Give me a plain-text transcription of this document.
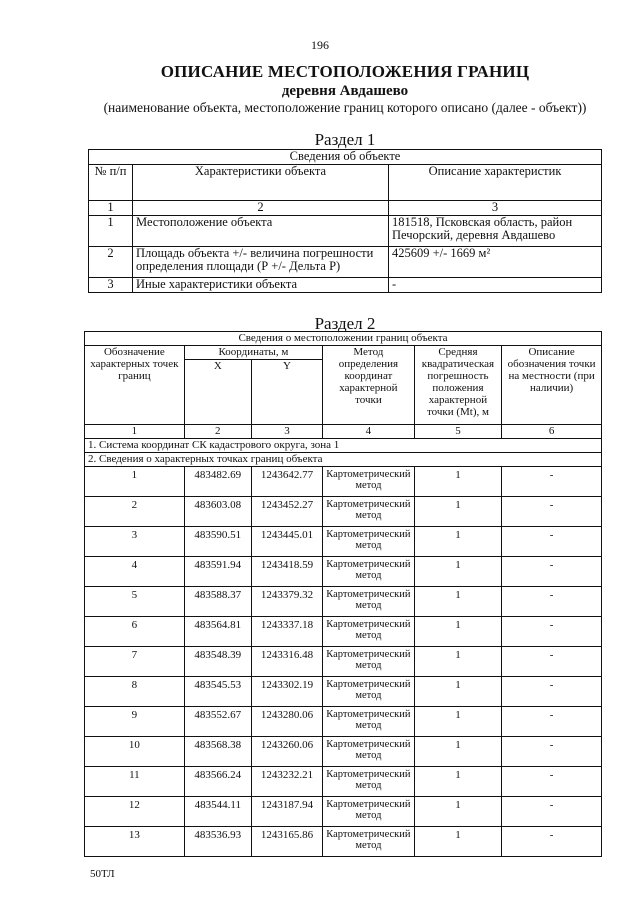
196
ОПИСАНИЕ МЕСТОПОЛОЖЕНИЯ ГРАНИЦ
деревня Авдашево
(наименование объекта, местоположение границ которого описано (далее - объект))
Раздел 1
Сведения об объекте		
№ п/п	Характеристики объекта	Описание характеристик
1	2	3
1	Местоположение объекта	181518, Псковская область, район Печорский, деревня Авдашево
2	Площадь объекта +/- величина погрешности определения площади (Р +/- Дельта Р)	425609 +/- 1669 м²
3	Иные характеристики объекта	-
Раздел 2
Сведения о местоположении границ объекта					
Обозначение характерных точек границ	Координаты, м		Метод определения координат характерной точки	Средняя квадратическая погрешность положения характерной точки (Mt), м	Описание обозначения точки на местности (при наличии)
	X	Y			
1	2	3	4	5	6
1. Система координат СК кадастрового округа, зона 1					
2. Сведения о характерных точках границ объекта					
1	483482.69	1243642.77	Картометрический метод	1	-
2	483603.08	1243452.27	Картометрический метод	1	-
3	483590.51	1243445.01	Картометрический метод	1	-
4	483591.94	1243418.59	Картометрический метод	1	-
5	483588.37	1243379.32	Картометрический метод	1	-
6	483564.81	1243337.18	Картометрический метод	1	-
7	483548.39	1243316.48	Картометрический метод	1	-
8	483545.53	1243302.19	Картометрический метод	1	-
9	483552.67	1243280.06	Картометрический метод	1	-
10	483568.38	1243260.06	Картометрический метод	1	-
11	483566.24	1243232.21	Картометрический метод	1	-
12	483544.11	1243187.94	Картометрический метод	1	-
13	483536.93	1243165.86	Картометрический метод	1	-
50ТЛ
